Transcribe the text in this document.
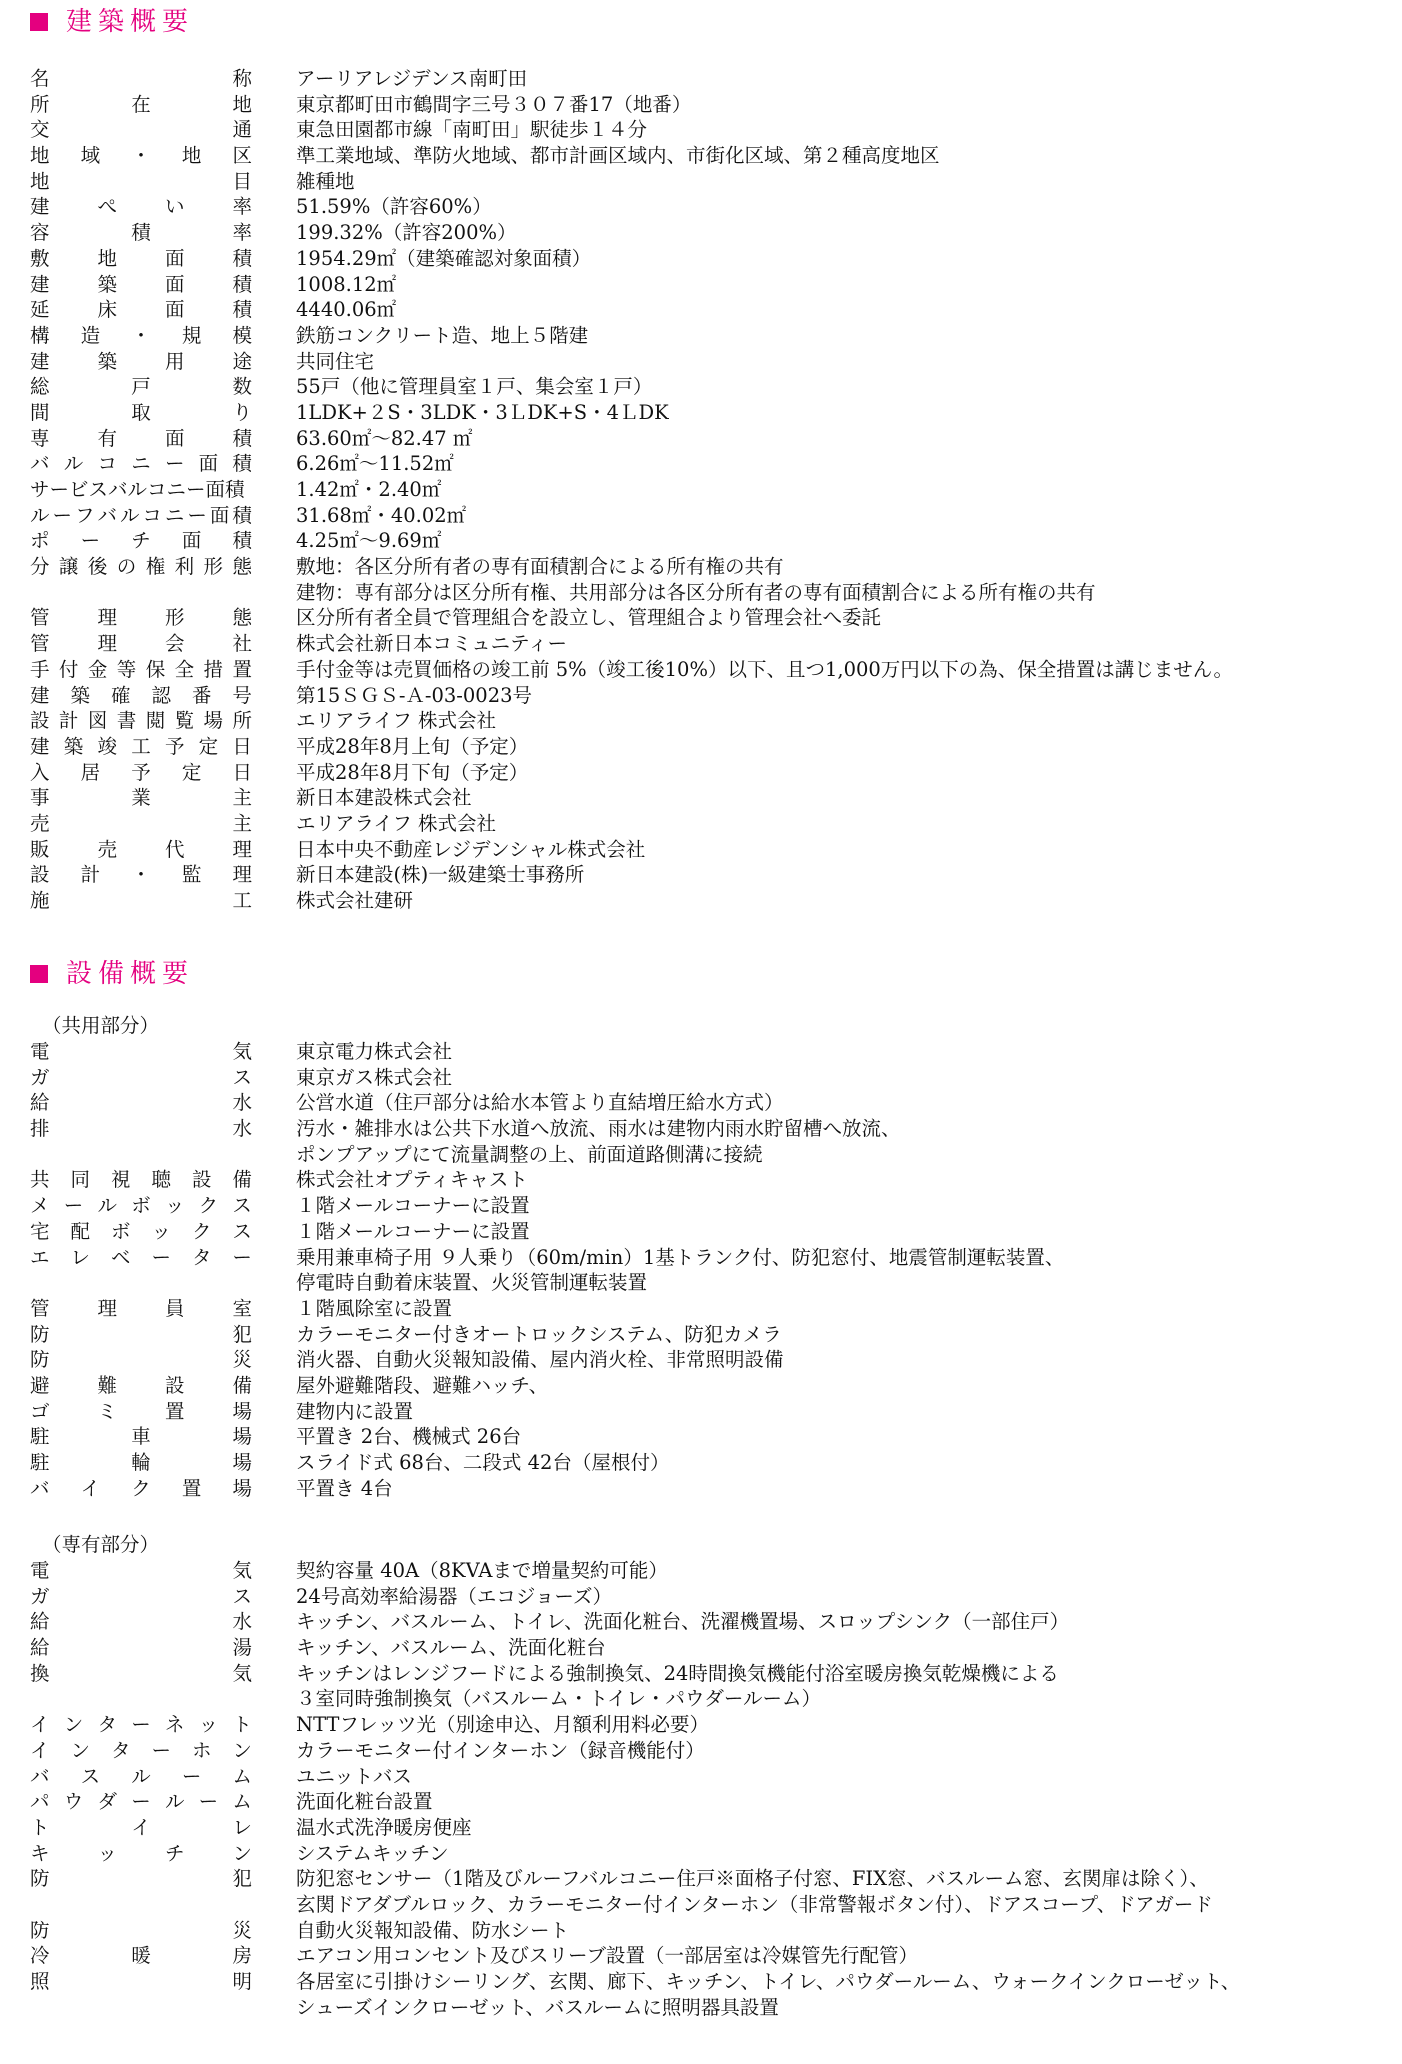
建築概要
名	称 アーリアレジデンス南町田
所	在	地 東京都町田市鶴間字三号３０７番17（地番）
交	通 東急田園都市線「南町田」駅徒歩１４分
地 域 ・ 地 区 準工業地域、準防火地域、都市計画区域内、市街化区域、第２種高度地区
地	目 雑種地
建 ぺ い 率 51.59%（許容60%）
容	積	率 199.32%（許容200%）
敷 地 面 積 1954.29㎡（建築確認対象面積）
建 築 面 積 1008.12㎡
延 床 面 積 4440.06㎡
構 造 ・ 規 模 鉄筋コンクリート造、地上５階建
建 築 用 途 共同住宅
総	戸	数 55戸（他に管理員室１戸、集会室１戸）
間	取	り 1LDK+２S・3LDK・3ＬDK+S・4ＬDK
専 有 面 積 63.60㎡～82.47 ㎡
バ ル コ ニ ー 面 積 6.26㎡～11.52㎡
サービスバルコニー面積	1.42㎡・2.40㎡
ル ー フ バ ル コ ニ ー 面 積 31.68㎡・40.02㎡
ポ ー チ 面 積 4.25㎡～9.69㎡
分 譲 後 の 権 利 形 態 敷地：各区分所有者の専有面積割合による所有権の共有
建物：専有部分は区分所有権、共用部分は各区分所有者の専有面積割合による所有権の共有
管 理 形 態 区分所有者全員で管理組合を設立し、管理組合より管理会社へ委託
管 理 会 社 株式会社新日本コミュニティー
手 付 金 等 保 全 措 置 手付金等は売買価格の竣工前 5%（竣工後10%）以下、且つ1,000万円以下の為、保全措置は講じません。
建 築 確 認 番 号 第15ＳＧＳ-Ａ-03-0023号
設 計 図 書 閲 覧 場 所 エリアライフ 株式会社
建 築 竣 工 予 定 日 平成28年8月上旬（予定）
入 居 予 定 日 平成28年8月下旬（予定）
事	業	主 新日本建設株式会社
売	主 エリアライフ 株式会社
販 売 代 理 日本中央不動産レジデンシャル株式会社
設 計 ・ 監 理 新日本建設(株)一級建築士事務所
施	工 株式会社建研
設備概要
（共用部分）
電	気 東京電力株式会社
ガ	ス 東京ガス株式会社
給	水 公営水道（住戸部分は給水本管より直結増圧給水方式）
排	水 汚水・雑排水は公共下水道へ放流、雨水は建物内雨水貯留槽へ放流、
ポンプアップにて流量調整の上、前面道路側溝に接続
共 同 視 聴 設 備 株式会社オプティキャスト
メ ー ル ボ ッ ク ス １階メールコーナーに設置
宅 配 ボ ッ ク ス １階メールコーナーに設置
エ レ ベ ー タ ー 乗用兼車椅子用 ９人乗り（60m/min）1基トランク付、防犯窓付、地震管制運転装置、
停電時自動着床装置、火災管制運転装置
管 理 員 室 １階風除室に設置
防	犯 カラーモニター付きオートロックシステム、防犯カメラ
防	災 消火器、自動火災報知設備、屋内消火栓、非常照明設備
避 難 設 備 屋外避難階段、避難ハッチ、
ゴ ミ 置 場 建物内に設置
駐	車	場 平置き 2台、機械式 26台
駐	輪	場 スライド式 68台、二段式 42台（屋根付）
バ イ ク 置 場 平置き 4台
（専有部分）
電	気 契約容量 40A（8KVAまで増量契約可能）
ガ	ス 24号高効率給湯器（エコジョーズ）
給	水 キッチン、バスルーム、トイレ、洗面化粧台、洗濯機置場、スロップシンク（一部住戸）
給	湯 キッチン、バスルーム、洗面化粧台
換	気 キッチンはレンジフードによる強制換気、24時間換気機能付浴室暖房換気乾燥機による
３室同時強制換気（バスルーム・トイレ・パウダールーム）
イ ン タ ー ネ ッ ト NTTフレッツ光（別途申込、月額利用料必要）
イ ン タ ー ホ ン カラーモニター付インターホン（録音機能付）
バ ス ル ー ム ユニットバス
パ ウ ダ ー ル ー ム 洗面化粧台設置
ト	イ	レ 温水式洗浄暖房便座
キ ッ チ ン システムキッチン
防	犯 防犯窓センサー（1階及びルーフバルコニー住戸※面格子付窓、FIX窓、バスルーム窓、玄関扉は除く）、
玄関ドアダブルロック、カラーモニター付インターホン（非常警報ボタン付）、ドアスコープ、ドアガード
防	災 自動火災報知設備、防水シート
冷	暖	房 エアコン用コンセント及びスリーブ設置（一部居室は冷媒管先行配管）
照	明 各居室に引掛けシーリング、玄関、廊下、キッチン、トイレ、パウダールーム、ウォークインクローゼット、
シューズインクローゼット、バスルームに照明器具設置
